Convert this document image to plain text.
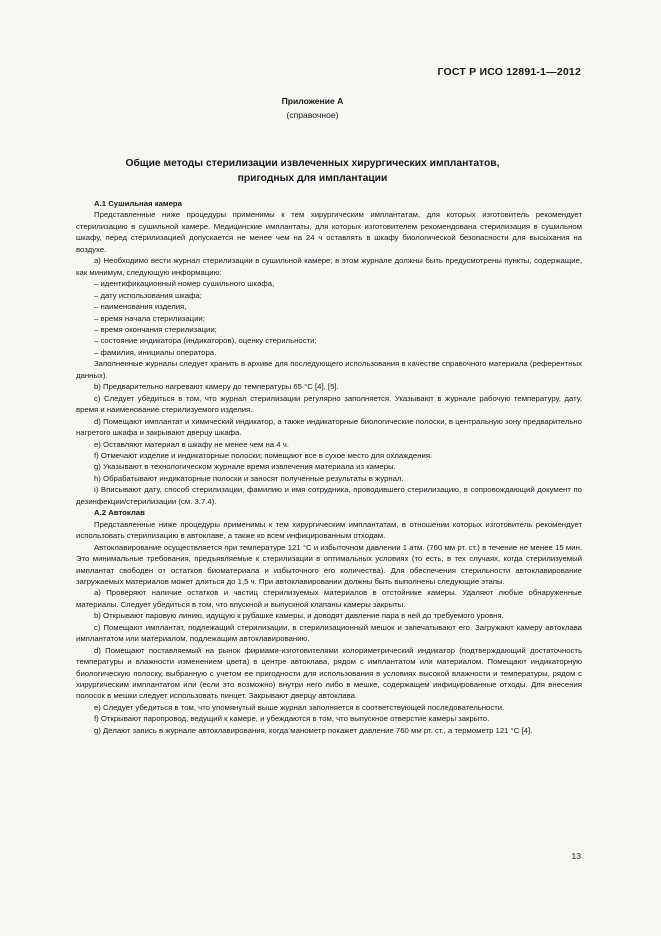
ГОСТ Р ИСО 12891-1—2012
Приложение А
(справочное)
Общие методы стерилизации извлеченных хирургических имплантатов,
пригодных для имплантации

А.1 Сушильная камера

Представленные ниже процедуры применимы к тем хирургическим имплантатам, для которых изготовитель рекомендует стерилизацию в сушильной камере. Медицинские имплантаты, для которых изготовителем рекомендована стерилизация в сушильном шкафу, перед стерилизацией допускается не менее чем на 24 ч оставлять в шкафу биологической безопасности для высыхания на воздухе.

а) Необходимо вести журнал стерилизации в сушильной камере; в этом журнале должны быть предусмотрены пункты, содержащие, как минимум, следующую информацию:

– идентификационный номер сушильного шкафа,

– дату использования шкафа;

– наименования изделия,

– время начала стерилизации;

– время окончания стерилизации;

– состояние индикатора (индикаторов), оценку стерильности;

– фамилия, инициалы оператора.

Заполненные журналы следует хранить в архиве для последующего использования в качестве справочного материала (референтных данных).

b) Предварительно нагревают камеру до температуры 65 °С [4], [5].

с) Следует убедиться в том, что журнал стерилизации регулярно заполняется. Указывают в журнале рабочую температуру, дату, время и наименование стерилизуемого изделия.

d) Помещают имплантат и химический индикатор, а также индикаторные биологические полоски, в центральную зону предварительно нагретого шкафа и закрывают дверцу шкафа.

е) Оставляют материал в шкафу не менее чем на 4 ч.

f) Отмечают изделие и индикаторные полоски; помещают все в сухое место для охлаждения.

g) Указывают в технологическом журнале время извлечения материала из камеры.

h) Обрабатывают индикаторные полоски и заносят полученные результаты в журнал.

i) Вписывают дату, способ стерилизации, фамилию и имя сотрудника, проводившего стерилизацию, в сопровождающий документ по дезинфекции/стерилизации (см. 3.7.4).

А.2 Автоклав

Представленные ниже процедуры применимы к тем хирургическим имплантатам, в отношении которых изготовитель рекомендует использовать стерилизацию в автоклаве, а также ко всем инфицированным отходам.

Автоклавирование осуществляется при температуре 121 °С и избыточном давлении 1 атм. (760 мм рт. ст.) в течение не менее 15 мин. Это минимальные требования, предъявляемые к стерилизации в оптимальных условиях (то есть, в тех случаях, когда стерилизуемый имплантат свободен от остатков биоматериала и избыточного его количества). Для обеспечения стерильности автоклавирование загружаемых материалов может длиться до 1,5 ч. При автоклавировании должны быть выполнены следующие этапы.

а) Проверяют наличие остатков и частиц стерилизуемых материалов в отстойнике камеры. Удаляют любые обнаруженные материалы. Следует убедиться в том, что впускной и выпускной клапаны камеры закрыты.

b) Открывают паровую линию, идущую к рубашке камеры, и доводят давление пара в ней до требуемого уровня.

с) Помещают имплантат, подлежащий стерилизации, в стерилизационный мешок и запечатывают его. Загружают камеру автоклава имплантатом или материалом, подлежащим автоклавированию.

d) Помещают поставляемый на рынок фирмами-изготовителями колориметрический индикатор (подтверждающий достаточность температуры и влажности изменением цвета) в центре автоклава, рядом с имплантатом или материалом. Помещают индикаторную биологическую полоску, выбранную с учетом ее пригодности для использования в условиях высокой влажности и температуры, рядом с хирургическим имплантатом или (если это возможно) внутри него либо в мешке, содержащем инфицированные отходы. Для внесения полосок в мешки следует использовать пинцет. Закрывают дверцу автоклава.

е) Следует убедиться в том, что упомянутый выше журнал заполняется в соответствующей последовательности.

f) Открывают паропровод, ведущий к камере, и убеждаются в том, что выпускное отверстие камеры закрыто.

g) Делают запись в журнале автоклавирования, когда манометр покажет давление 760 мм рт. ст., а термометр 121 °С [4].

13
